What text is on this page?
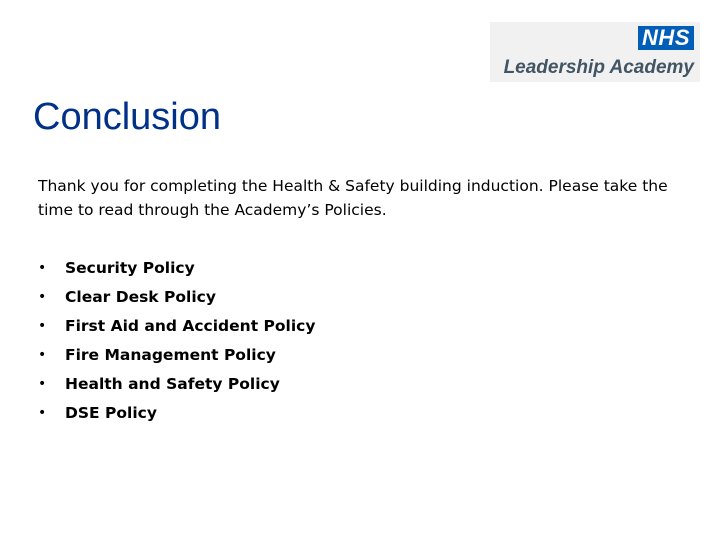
NHS
Leadership Academy
Conclusion

Thank you for completing the Health & Safety building induction. Please take the time to read through the Academy’s Policies.

•	Security Policy
•	Clear Desk Policy
•	First Aid and Accident Policy
•	Fire Management Policy
•	Health and Safety Policy
•	DSE Policy
